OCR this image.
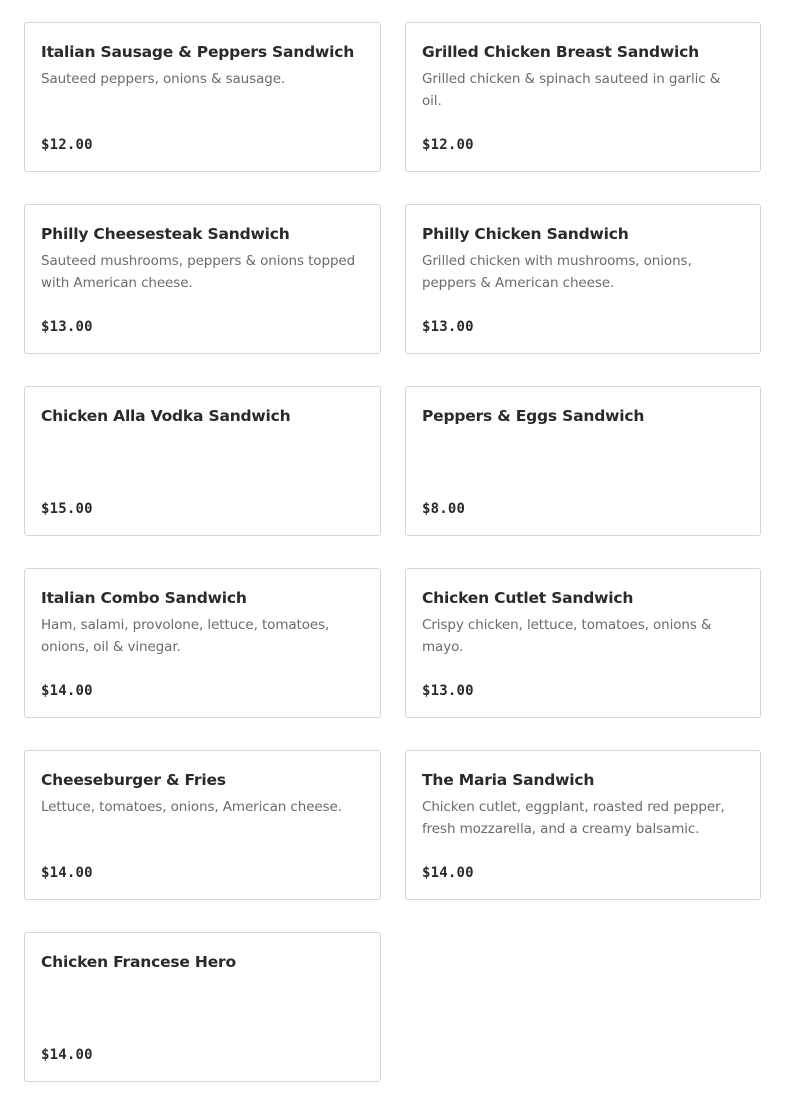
Italian Sausage & Peppers Sandwich
Sauteed peppers, onions & sausage.
$12.00
Grilled Chicken Breast Sandwich
Grilled chicken & spinach sauteed in garlic & oil.
$12.00
Philly Cheesesteak Sandwich
Sauteed mushrooms, peppers & onions topped with American cheese.
$13.00
Philly Chicken Sandwich
Grilled chicken with mushrooms, onions, peppers & American cheese.
$13.00
Chicken Alla Vodka Sandwich
$15.00
Peppers & Eggs Sandwich
$8.00
Italian Combo Sandwich
Ham, salami, provolone, lettuce, tomatoes, onions, oil & vinegar.
$14.00
Chicken Cutlet Sandwich
Crispy chicken, lettuce, tomatoes, onions & mayo.
$13.00
Cheeseburger & Fries
Lettuce, tomatoes, onions, American cheese.
$14.00
The Maria Sandwich
Chicken cutlet, eggplant, roasted red pepper, fresh mozzarella, and a creamy balsamic.
$14.00
Chicken Francese Hero
$14.00
